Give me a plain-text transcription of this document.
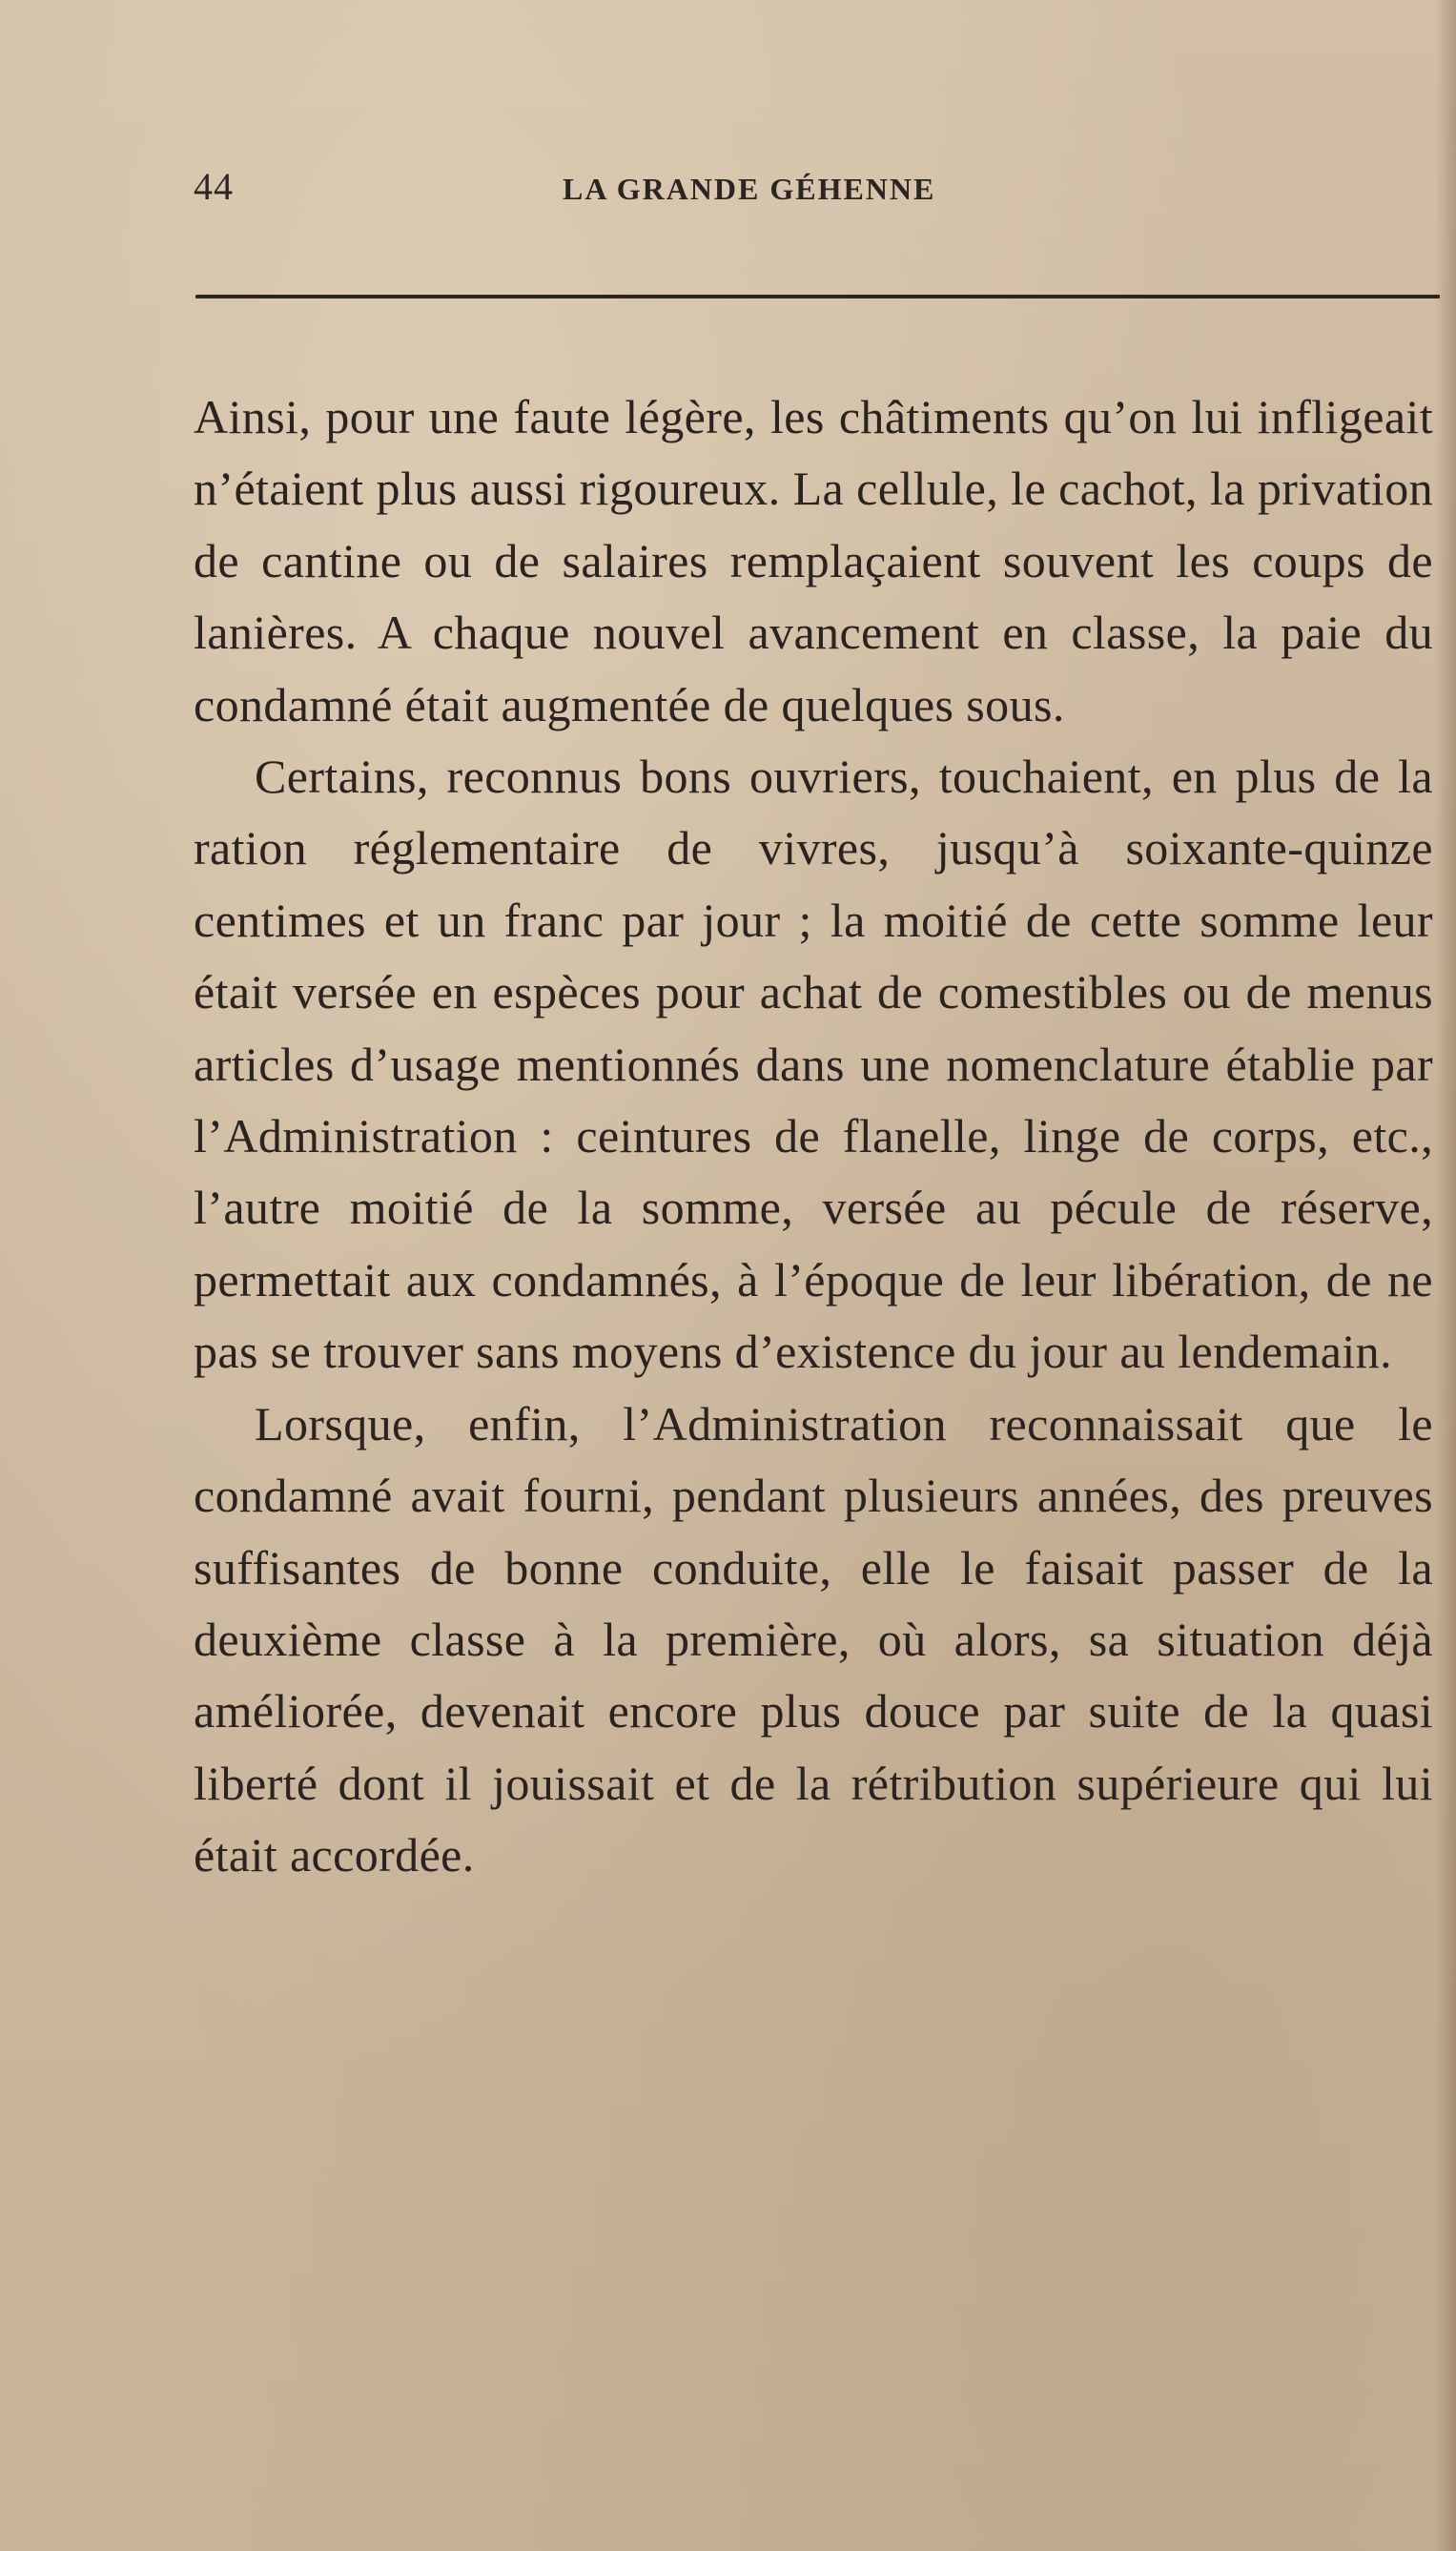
44	LA GRANDE GÉHENNE

Ainsi, pour une faute légère, les châtiments qu’on lui infligeait n’étaient plus aussi rigoureux. La cellule, le cachot, la privation de cantine ou de salaires remplaçaient souvent les coups de lanières. A chaque nouvel avancement en classe, la paie du condamné était augmentée de quelques sous.

Certains, reconnus bons ouvriers, touchaient, en plus de la ration réglementaire de vivres, jusqu’à soixante-quinze centimes et un franc par jour ; la moitié de cette somme leur était versée en espèces pour achat de comestibles ou de menus articles d’usage mentionnés dans une nomenclature établie par l’Administration : ceintures de flanelle, linge de corps, etc., l’autre moitié de la somme, versée au pécule de réserve, permettait aux condamnés, à l’époque de leur libération, de ne pas se trouver sans moyens d’existence du jour au lendemain.

Lorsque, enfin, l’Administration reconnaissait que le condamné avait fourni, pendant plusieurs années, des preuves suffisantes de bonne conduite, elle le faisait passer de la deuxième classe à la première, où alors, sa situation déjà améliorée, devenait encore plus douce par suite de la quasi liberté dont il jouissait et de la rétribution supérieure qui lui était accordée.
